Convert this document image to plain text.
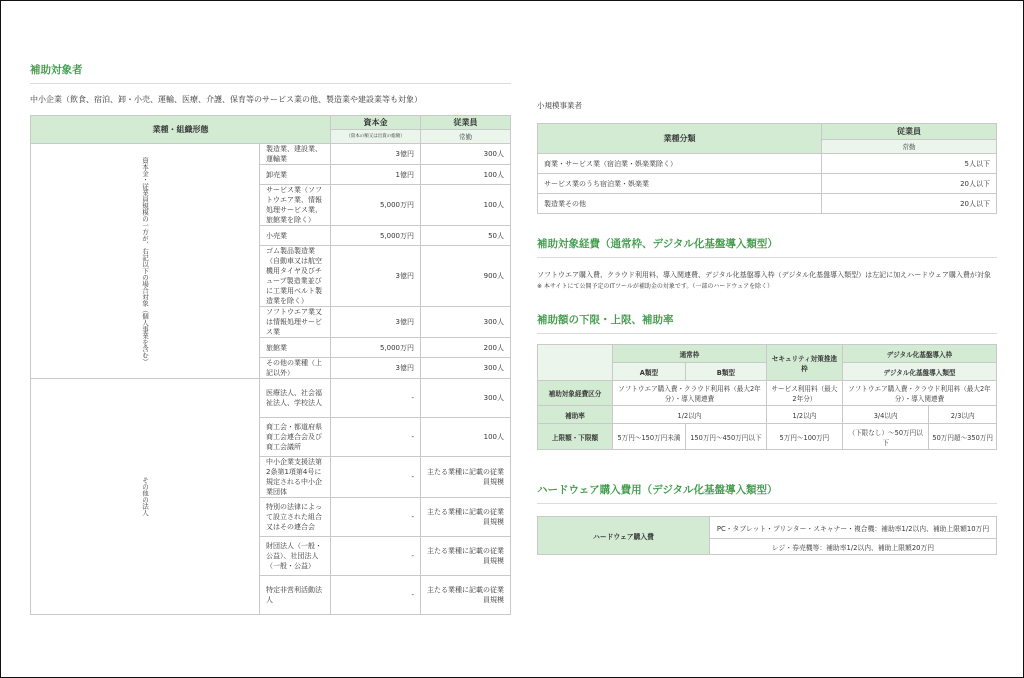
補助対象者
中小企業（飲食、宿泊、卸・小売、運輸、医療、介護、保育等のサービス業の他、製造業や建設業等も対象）
業種・組織形態		資本金	従業員
		（資本の額又は出資の総額）	常勤
資本金・従業員規模の一方が、右記以下の場合対象（個人事業を含む）	製造業、建設業、運輸業	3億円	300人
	卸売業	1億円	100人
	サービス業（ソフトウエア業、情報処理サービス業、旅館業を除く）	5,000万円	100人
	小売業	5,000万円	50人
	ゴム製品製造業（自動車又は航空機用タイヤ及びチューブ製造業並びに工業用ベルト製造業を除く）	3億円	900人
	ソフトウエア業又は情報処理サービス業	3億円	300人
	旅館業	5,000万円	200人
	その他の業種（上記以外）	3億円	300人
その他の法人	医療法人、社会福祉法人、学校法人	-	300人
	商工会・都道府県商工会連合会及び商工会議所	-	100人
	中小企業支援法第2条第1項第4号に規定される中小企業団体	-	主たる業種に記載の従業員規模
	特別の法律によって設立された組合又はその連合会	-	主たる業種に記載の従業員規模
	財団法人（一般・公益）、社団法人（一般・公益）	-	主たる業種に記載の従業員規模
	特定非営利活動法人	-	主たる業種に記載の従業員規模
小規模事業者
業種分類	従業員
	常勤
商業・サービス業（宿泊業・娯楽業除く）	5人以下
サービス業のうち宿泊業・娯楽業	20人以下
製造業その他	20人以下
補助対象経費（通常枠、デジタル化基盤導入類型）
ソフトウエア購入費、クラウド利用料、導入関連費、デジタル化基盤導入枠（デジタル化基盤導入類型）は左記に加えハードウェア購入費が対象
※ 本サイトにて公開予定のITツールが補助金の対象です。（一部のハードウェアを除く）
補助額の下限・上限、補助率
	通常枠		セキュリティ対策推進枠	デジタル化基盤導入枠	
	A類型	B類型		デジタル化基盤導入類型	
補助対象経費区分	ソフトウエア購入費・クラウド利用料（最大2年分）・導入関連費		サービス利用料（最大2年分）	ソフトウエア購入費・クラウド利用料（最大2年分）・導入関連費	
補助率	1/2以内		1/2以内	3/4以内	2/3以内
上限額・下限額	5万円～150万円未満	150万円～450万円以下	5万円～100万円	（下限なし）～50万円以下	50万円超～350万円
ハードウェア購入費用（デジタル化基盤導入類型）
ハードウェア購入費	PC・タブレット・プリンター・スキャナー・複合機：補助率1/2以内、補助上限額10万円
レジ・券売機等：補助率1/2以内、補助上限額20万円
